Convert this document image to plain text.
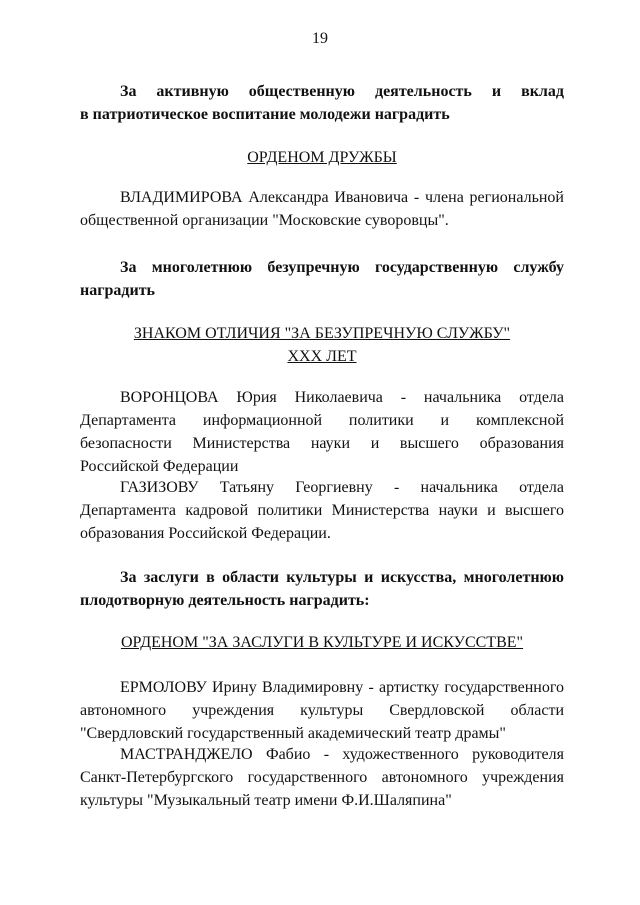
19
За активную общественную деятельность и вклад
в патриотическое воспитание молодежи наградить
ОРДЕНОМ ДРУЖБЫ
ВЛАДИМИРОВА Александра Ивановича - члена региональной
общественной организации "Московские суворовцы".
За многолетнюю безупречную государственную службу
наградить
ЗНАКОМ ОТЛИЧИЯ "ЗА БЕЗУПРЕЧНУЮ СЛУЖБУ"
XXX ЛЕТ
ВОРОНЦОВА Юрия Николаевича - начальника отдела
Департамента информационной политики и комплексной
безопасности Министерства науки и высшего образования
Российской Федерации
ГАЗИЗОВУ Татьяну Георгиевну - начальника отдела
Департамента кадровой политики Министерства науки и высшего
образования Российской Федерации.
За заслуги в области культуры и искусства, многолетнюю
плодотворную деятельность наградить:
ОРДЕНОМ "ЗА ЗАСЛУГИ В КУЛЬТУРЕ И ИСКУССТВЕ"
ЕРМОЛОВУ Ирину Владимировну - артистку государственного
автономного учреждения культуры Свердловской области
"Свердловский государственный академический театр драмы"
МАСТРАНДЖЕЛО Фабио - художественного руководителя
Санкт-Петербургского государственного автономного учреждения
культуры "Музыкальный театр имени Ф.И.Шаляпина"
